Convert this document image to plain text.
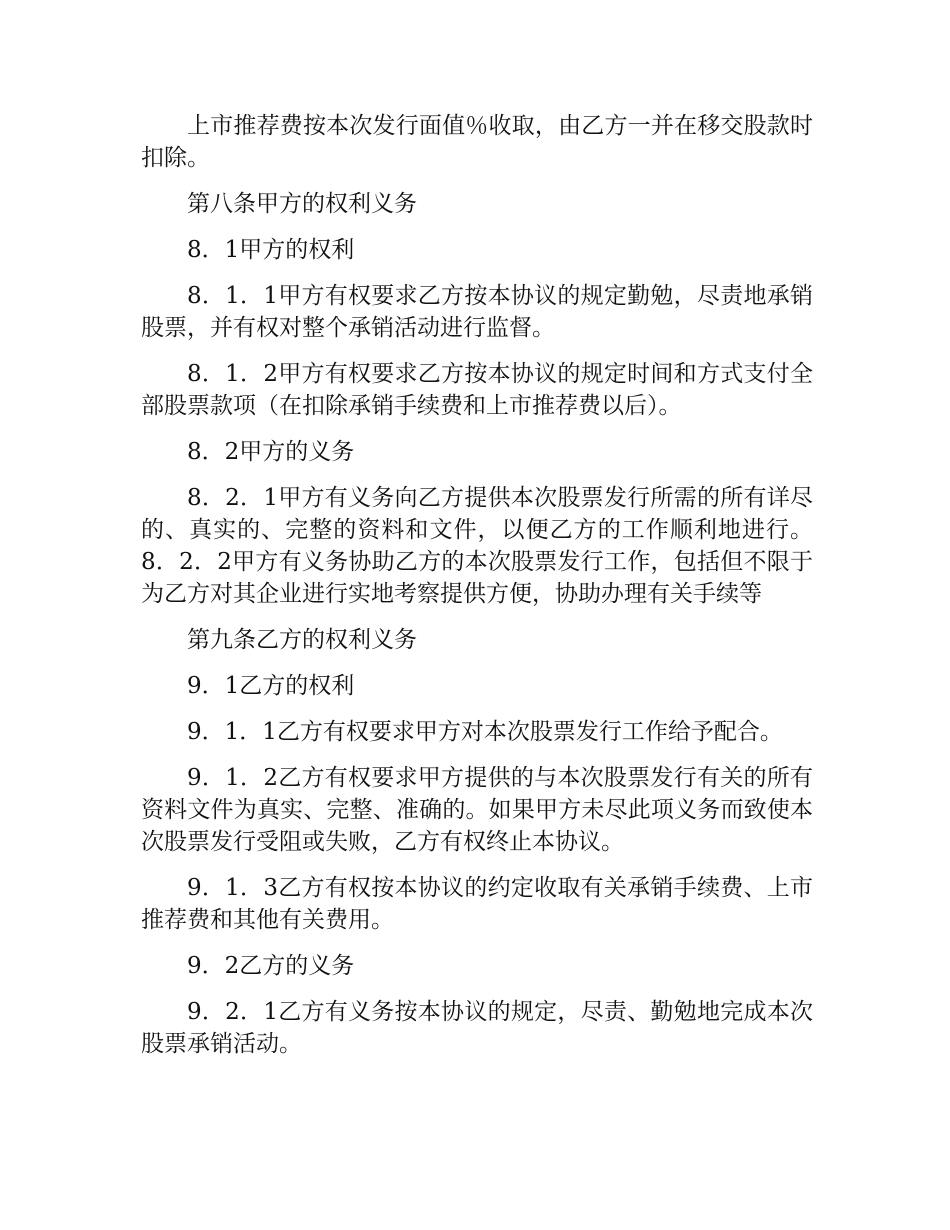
上市推荐费按本次发行面值％收取，由乙方一并在移交股款时扣除。

第八条甲方的权利义务

8．1甲方的权利

8．1．1甲方有权要求乙方按本协议的规定勤勉，尽责地承销股票，并有权对整个承销活动进行监督。

8．1．2甲方有权要求乙方按本协议的规定时间和方式支付全部股票款项（在扣除承销手续费和上市推荐费以后）。

8．2甲方的义务

8．2．1甲方有义务向乙方提供本次股票发行所需的所有详尽的、真实的、完整的资料和文件，以便乙方的工作顺利地进行。8．2．2甲方有义务协助乙方的本次股票发行工作，包括但不限于为乙方对其企业进行实地考察提供方便，协助办理有关手续等

第九条乙方的权利义务

9．1乙方的权利

9．1．1乙方有权要求甲方对本次股票发行工作给予配合。

9．1．2乙方有权要求甲方提供的与本次股票发行有关的所有资料文件为真实、完整、准确的。如果甲方未尽此项义务而致使本次股票发行受阻或失败，乙方有权终止本协议。

9．1．3乙方有权按本协议的约定收取有关承销手续费、上市推荐费和其他有关费用。

9．2乙方的义务

9．2．1乙方有义务按本协议的规定，尽责、勤勉地完成本次股票承销活动。
